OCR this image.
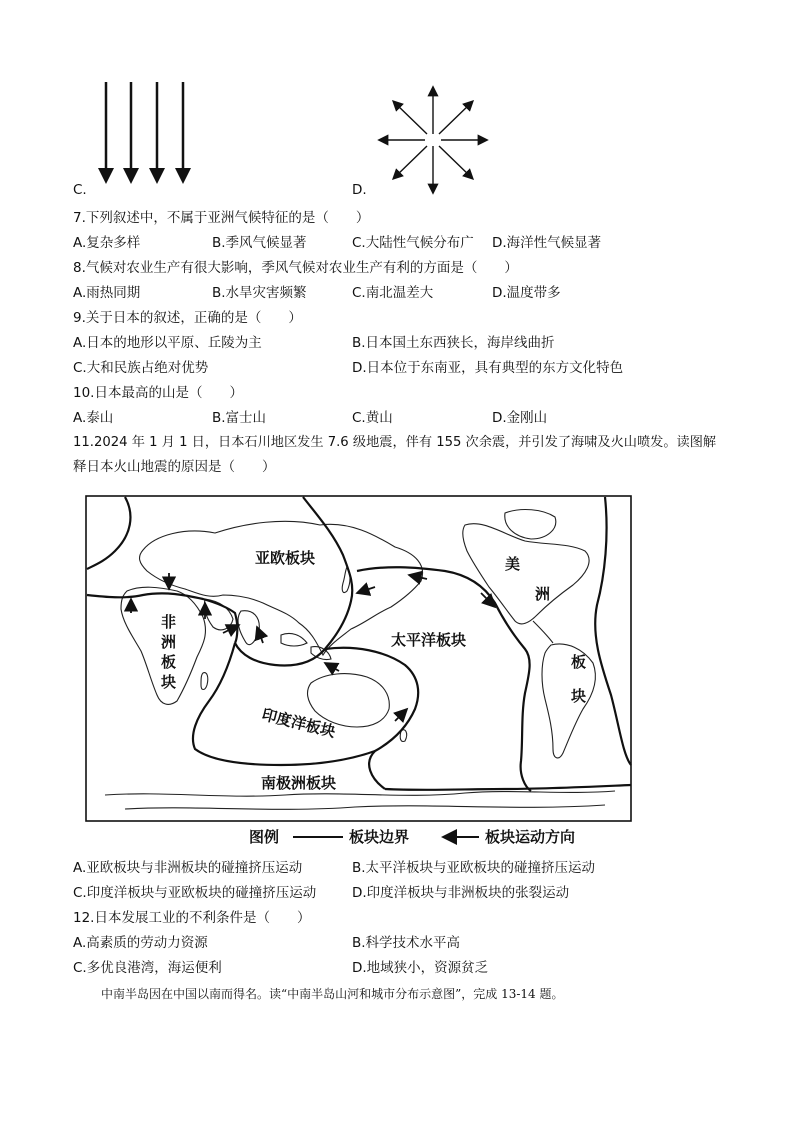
C.	D.
7.下列叙述中，不属于亚洲气候特征的是（　　）
A.复杂多样	B.季风气候显著	C.大陆性气候分布广 D.海洋性气候显著
8.气候对农业生产有很大影响，季风气候对农业生产有利的方面是（　　）
A.雨热同期	B.水旱灾害频繁	C.南北温差大	D.温度带多
9.关于日本的叙述，正确的是（　　）
A.日本的地形以平原、丘陵为主	B.日本国土东西狭长，海岸线曲折
C.大和民族占绝对优势	D.日本位于东南亚，具有典型的东方文化特色
10.日本最高的山是（　　）
A.泰山	B.富士山	C.黄山	D.金刚山
11.2024 年 1 月 1 日，日本石川地区发生 7.6 级地震，伴有 155 次余震，并引发了海啸及火山喷发。读图解
释日本火山地震的原因是（　　）
亚欧板块
非
洲
板
块
太平洋板块
美
洲
板
块
印度洋板块
南极洲板块
图例	板块边界	板块运动方向
A.亚欧板块与非洲板块的碰撞挤压运动	B.太平洋板块与亚欧板块的碰撞挤压运动
C.印度洋板块与亚欧板块的碰撞挤压运动	D.印度洋板块与非洲板块的张裂运动
12.日本发展工业的不利条件是（　　）
A.高素质的劳动力资源	B.科学技术水平高
C.多优良港湾，海运便利	D.地域狭小，资源贫乏
中南半岛因在中国以南而得名。读“中南半岛山河和城市分布示意图”，完成 13-14 题。
